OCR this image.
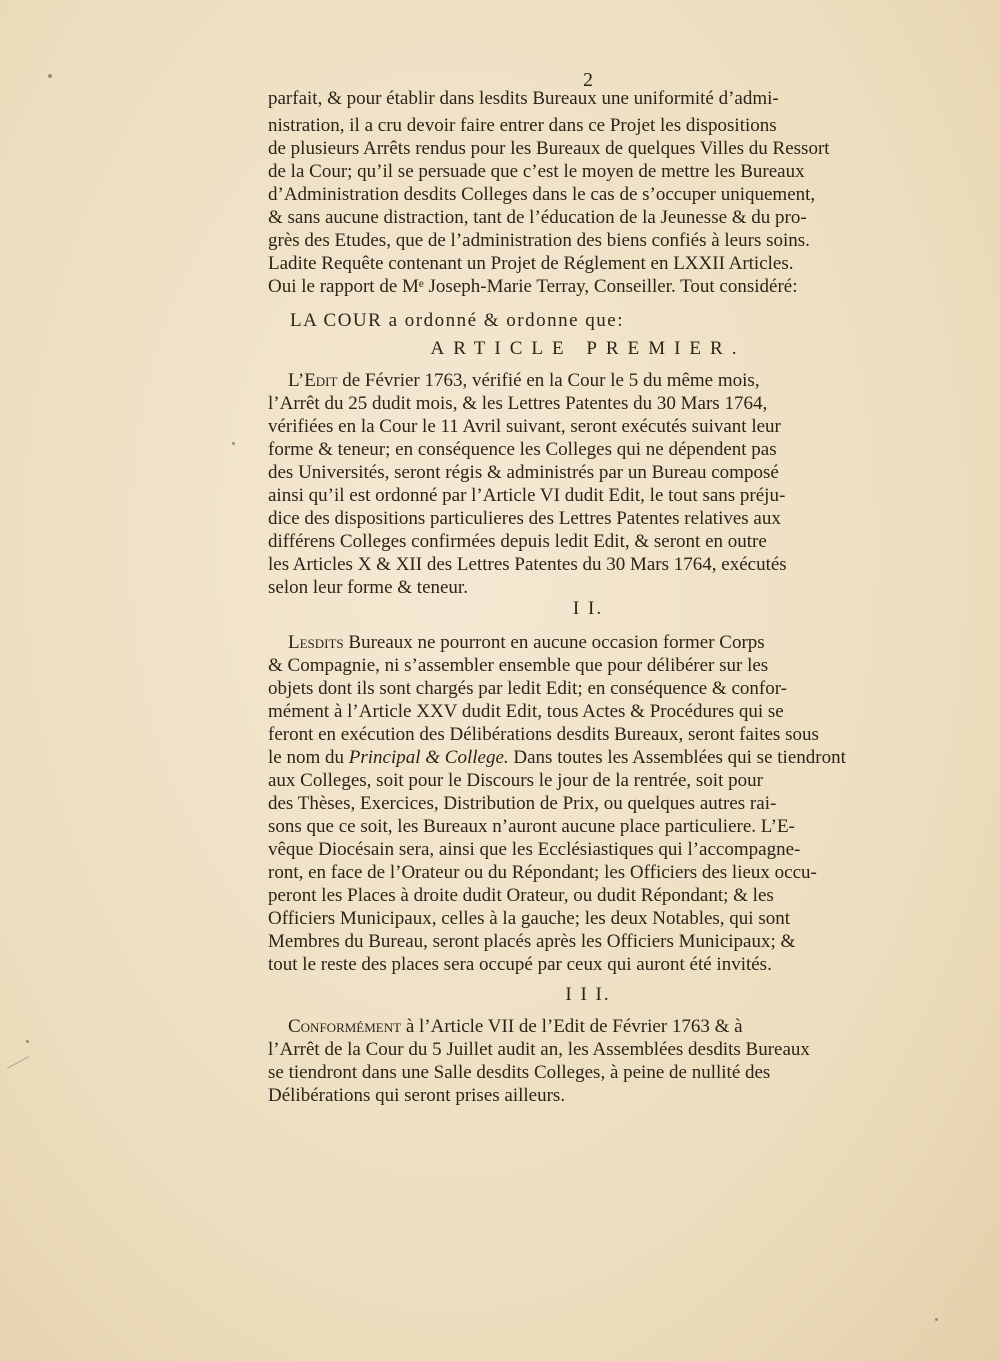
2
parfait, & pour établir dans lesdits Bureaux une uniformité d’admi-
nistration, il a cru devoir faire entrer dans ce Projet les dispositions
de plusieurs Arrêts rendus pour les Bureaux de quelques Villes du Ressort
de la Cour; qu’il se persuade que c’est le moyen de mettre les Bureaux
d’Administration desdits Colleges dans le cas de s’occuper uniquement,
& sans aucune distraction, tant de l’éducation de la Jeunesse & du pro-
grès des Etudes, que de l’administration des biens confiés à leurs soins.
Ladite Requête contenant un Projet de Réglement en LXXII Articles.
Oui le rapport de Mᵉ Joseph-Marie Terray, Conseiller. Tout considéré:
LA COUR a ordonné & ordonne que:
ARTICLE PREMIER.
L’Edit de Février 1763, vérifié en la Cour le 5 du même mois,
l’Arrêt du 25 dudit mois, & les Lettres Patentes du 30 Mars 1764,
vérifiées en la Cour le 11 Avril suivant, seront exécutés suivant leur
forme & teneur; en conséquence les Colleges qui ne dépendent pas
des Universités, seront régis & administrés par un Bureau composé
ainsi qu’il est ordonné par l’Article VI dudit Edit, le tout sans préju-
dice des dispositions particulieres des Lettres Patentes relatives aux
différens Colleges confirmées depuis ledit Edit, & seront en outre
les Articles X & XII des Lettres Patentes du 30 Mars 1764, exécutés
selon leur forme & teneur.
I I.
Lesdits Bureaux ne pourront en aucune occasion former Corps
& Compagnie, ni s’assembler ensemble que pour délibérer sur les
objets dont ils sont chargés par ledit Edit; en conséquence & confor-
mément à l’Article XXV dudit Edit, tous Actes & Procédures qui se
feront en exécution des Délibérations desdits Bureaux, seront faites sous
le nom du Principal & College. Dans toutes les Assemblées qui se tiendront
aux Colleges, soit pour le Discours le jour de la rentrée, soit pour
des Thèses, Exercices, Distribution de Prix, ou quelques autres rai-
sons que ce soit, les Bureaux n’auront aucune place particuliere. L’E-
vêque Diocésain sera, ainsi que les Ecclésiastiques qui l’accompagne-
ront, en face de l’Orateur ou du Répondant; les Officiers des lieux occu-
peront les Places à droite dudit Orateur, ou dudit Répondant; & les
Officiers Municipaux, celles à la gauche; les deux Notables, qui sont
Membres du Bureau, seront placés après les Officiers Municipaux; &
tout le reste des places sera occupé par ceux qui auront été invités.
I I I.
Conformément à l’Article VII de l’Edit de Février 1763 & à
l’Arrêt de la Cour du 5 Juillet audit an, les Assemblées desdits Bureaux
se tiendront dans une Salle desdits Colleges, à peine de nullité des
Délibérations qui seront prises ailleurs.
